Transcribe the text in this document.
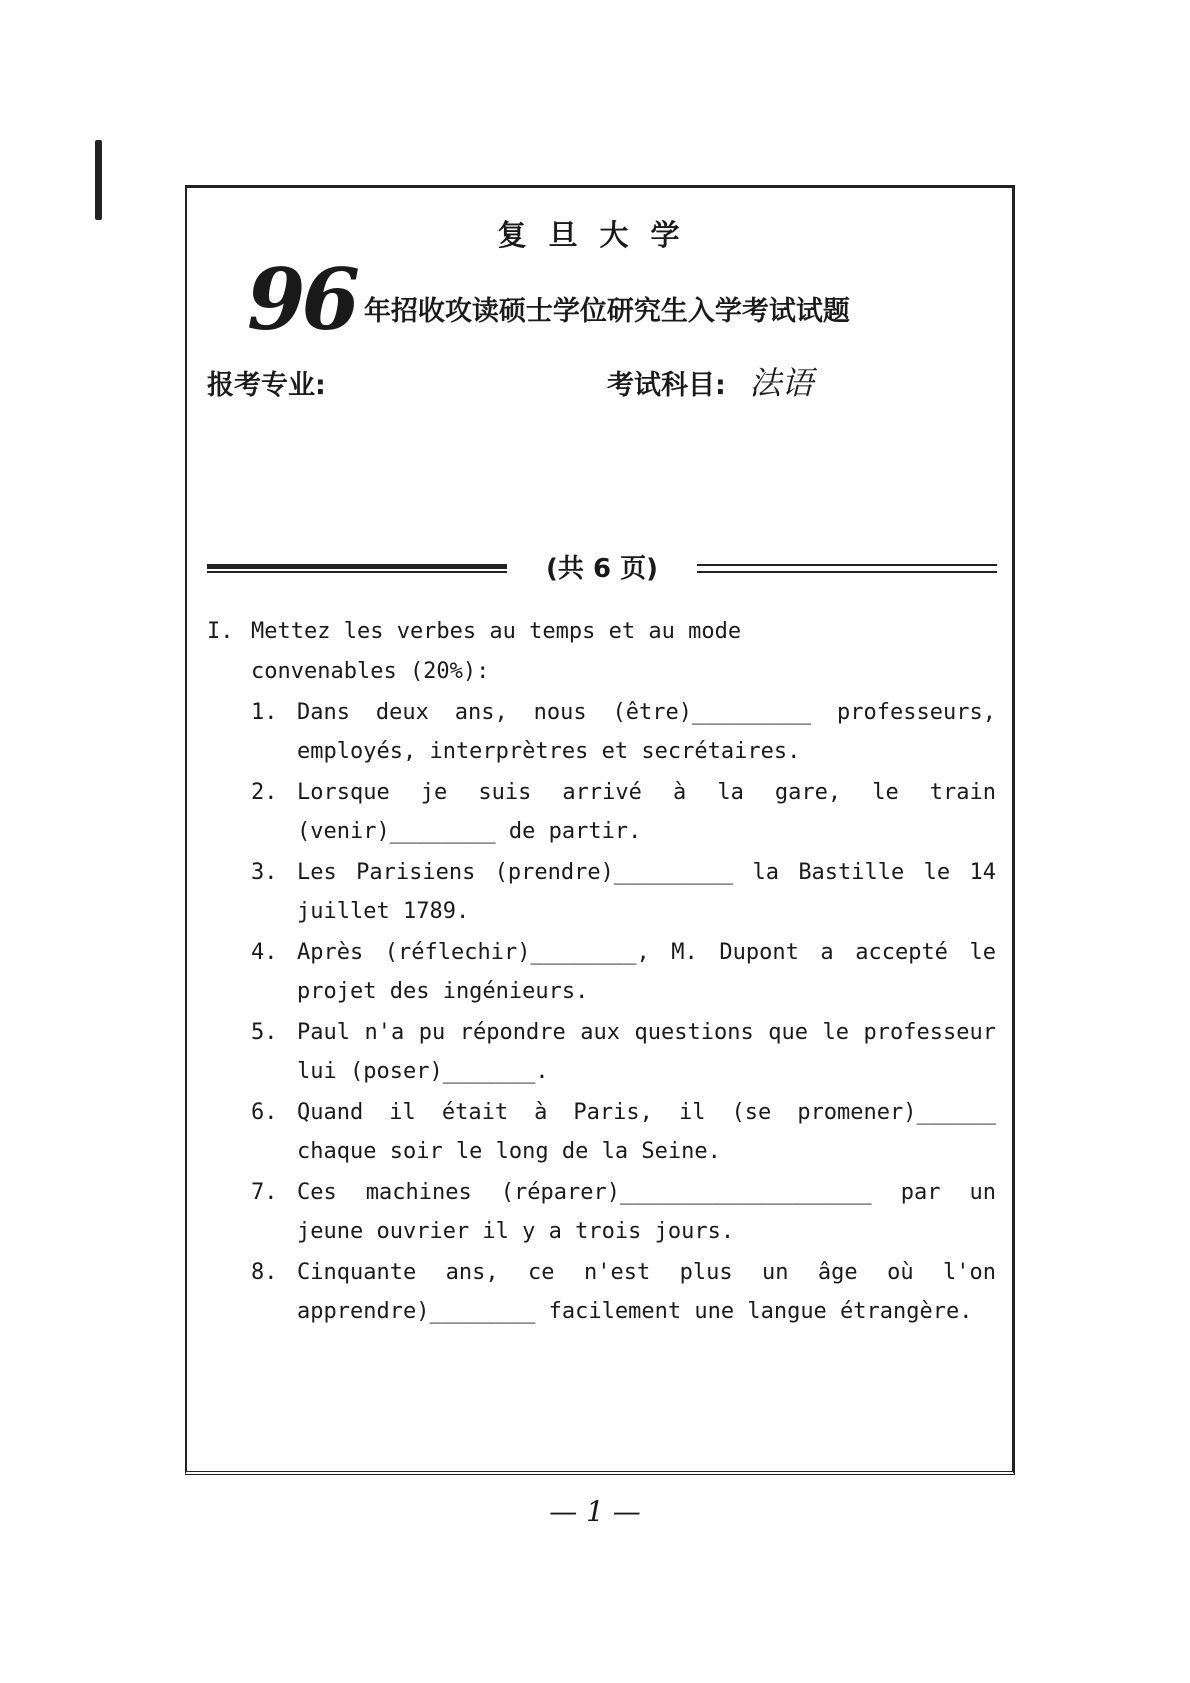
复旦大学
96 年招收攻读硕士学位研究生入学考试试题
报考专业:	考试科目: 法语
(共 6 页)
I. Mettez les verbes au temps et au mode
convenables (20%):
1. Dans deux ans, nous (être)_________ professeurs, employés, interprètres et secrétaires.
2. Lorsque je suis arrivé à la gare, le train (venir)________ de partir.
3. Les Parisiens (prendre)_________ la Bastille le 14 juillet 1789.
4. Après (réflechir)________, M. Dupont a accepté le projet des ingénieurs.
5. Paul n'a pu répondre aux questions que le professeur lui (poser)_______.
6. Quand il était à Paris, il (se promener)______ chaque soir le long de la Seine.
7. Ces machines (réparer)___________________ par un jeune ouvrier il y a trois jours.
8. Cinquante ans, ce n'est plus un âge où l'on apprendre)________ facilement une langue étrangère.
— 1 —
